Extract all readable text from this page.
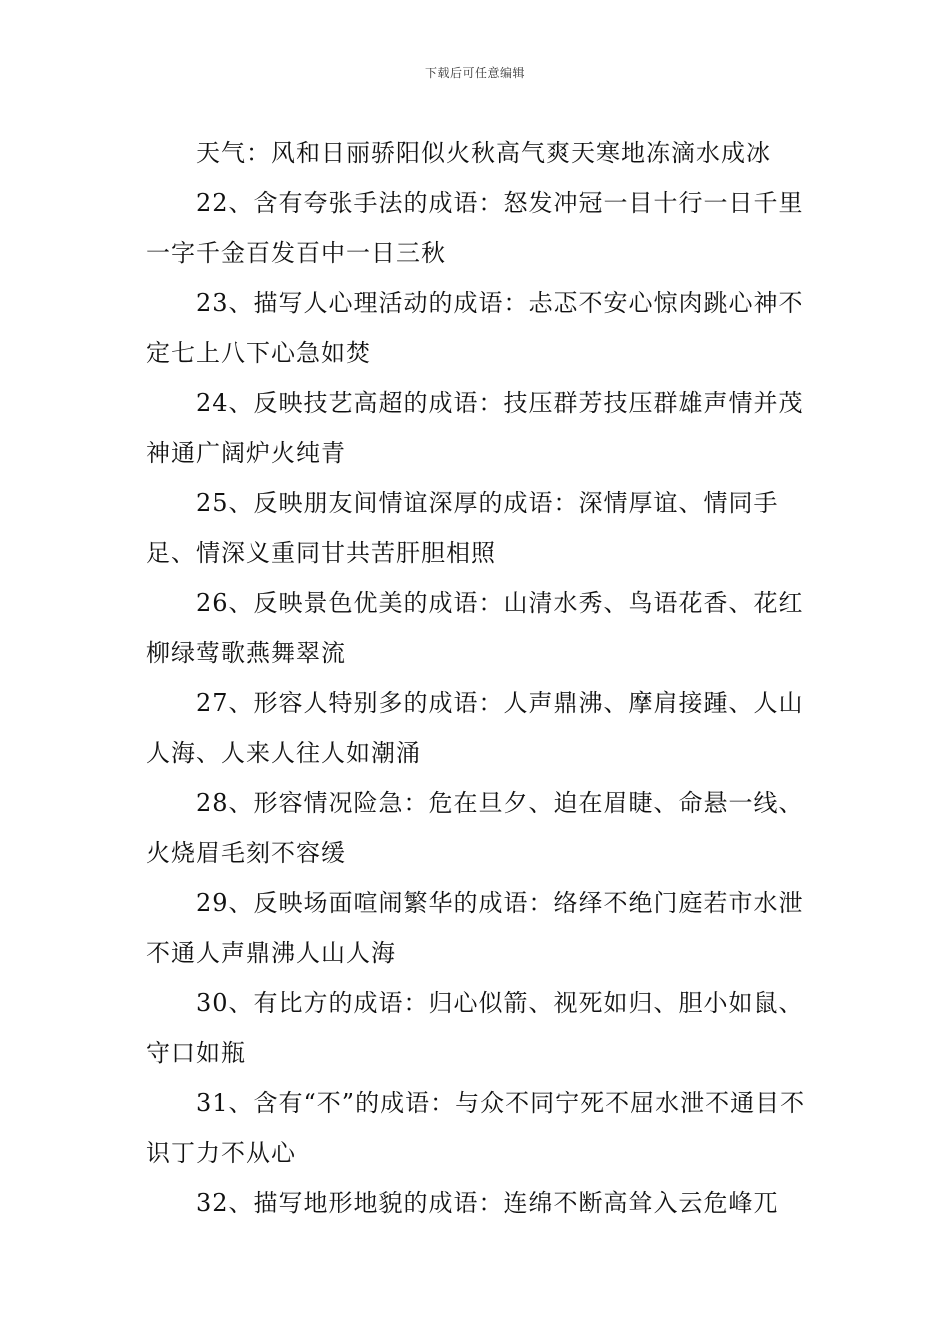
下载后可任意编辑

天气：风和日丽骄阳似火秋高气爽天寒地冻滴水成冰

22、含有夸张手法的成语：怒发冲冠一目十行一日千里一字千金百发百中一日三秋

23、描写人心理活动的成语：忐忑不安心惊肉跳心神不定七上八下心急如焚

24、反映技艺高超的成语：技压群芳技压群雄声情并茂神通广阔炉火纯青

25、反映朋友间情谊深厚的成语：深情厚谊、情同手足、情深义重同甘共苦肝胆相照

26、反映景色优美的成语：山清水秀、鸟语花香、花红柳绿莺歌燕舞翠流

27、形容人特别多的成语：人声鼎沸、摩肩接踵、人山人海、人来人往人如潮涌

28、形容情况险急：危在旦夕、迫在眉睫、命悬一线、火烧眉毛刻不容缓

29、反映场面喧闹繁华的成语：络绎不绝门庭若市水泄不通人声鼎沸人山人海

30、有比方的成语：归心似箭、视死如归、胆小如鼠、守口如瓶

31、含有“不”的成语：与众不同宁死不屈水泄不通目不识丁力不从心

32、描写地形地貌的成语：连绵不断高耸入云危峰兀
